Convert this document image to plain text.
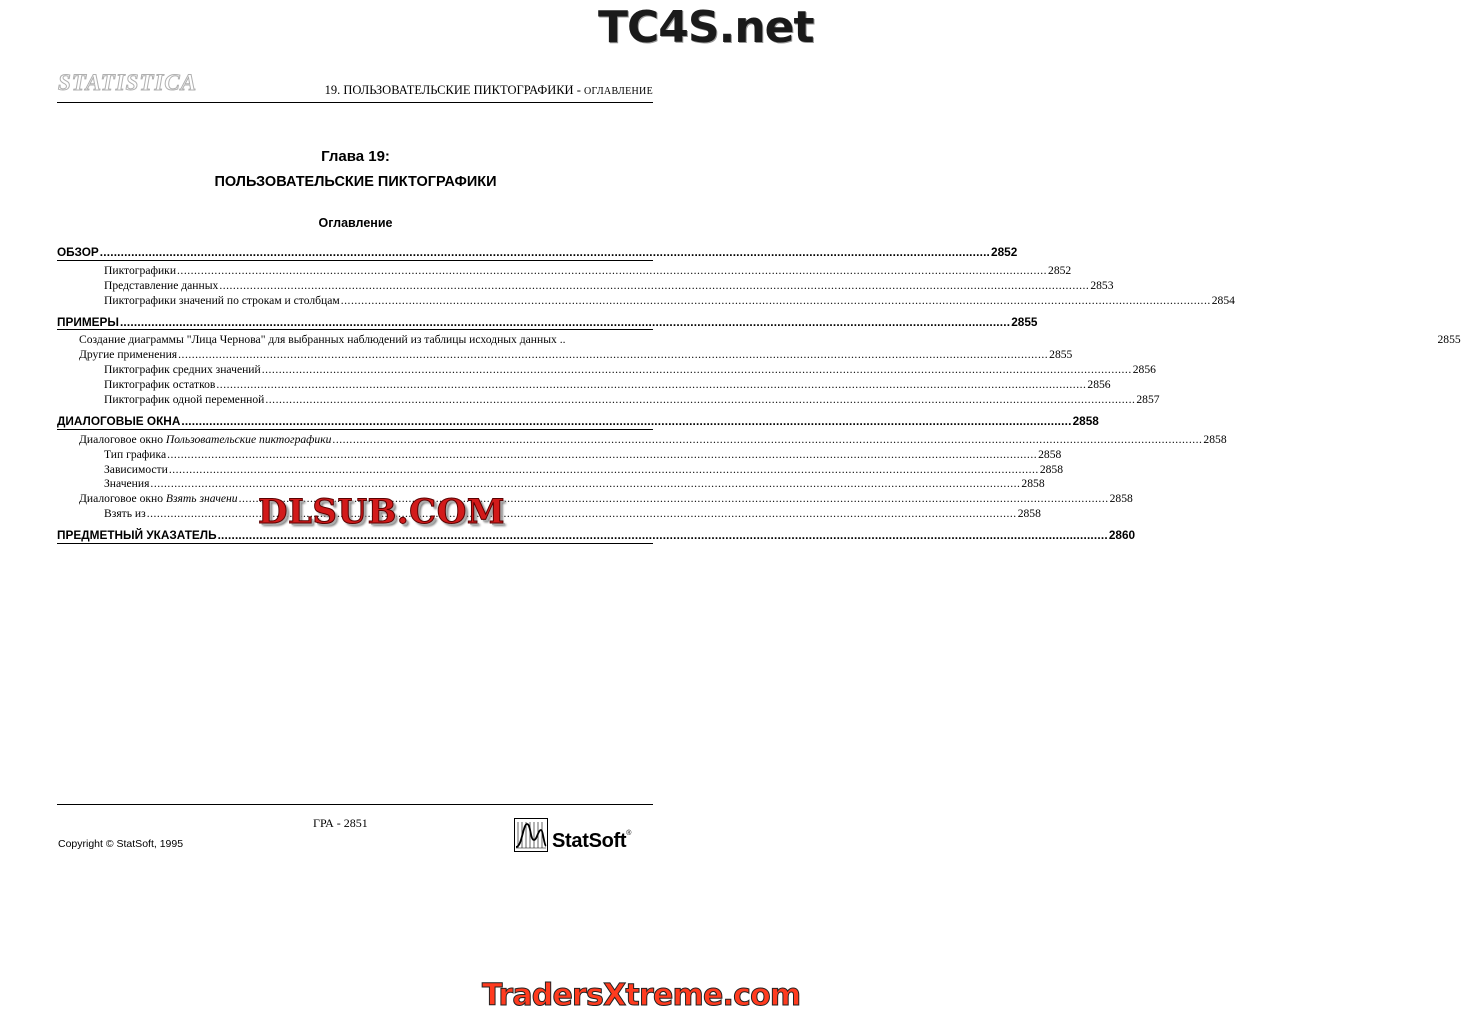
TC4S.net
STATISTICA	19. ПОЛЬЗОВАТЕЛЬСКИЕ ПИКТОГРАФИКИ - ОГЛАВЛЕНИЕ
Глава 19:
ПОЛЬЗОВАТЕЛЬСКИЕ ПИКТОГРАФИКИ
Оглавление
ОБЗОР .....	2852
Пиктографики .....	2852
Представление данных .....	2853
Пиктографики значений по строкам и столбцам .....	2854
ПРИМЕРЫ .....	2855
Создание диаграммы "Лица Чернова" для выбранных наблюдений из таблицы исходных данных ..	2855
Другие применения .....	2855
Пиктографик средних значений .....	2856
Пиктографик остатков .....	2856
Пиктографик одной переменной .....	2857
ДИАЛОГОВЫЕ ОКНА .....	2858
Диалоговое окно Пользовательские пиктографики .....	2858
Тип графика .....	2858
Зависимости .....	2858
Значения .....	2858
Диалоговое окно Взять значени .....	2858
Взять из .....	2858
ПРЕДМЕТНЫЙ УКАЗАТЕЛЬ .....	2860
DLSUB.COM
ГРА - 2851
Copyright © StatSoft, 1995	StatSoft®
TradersXtreme.com
